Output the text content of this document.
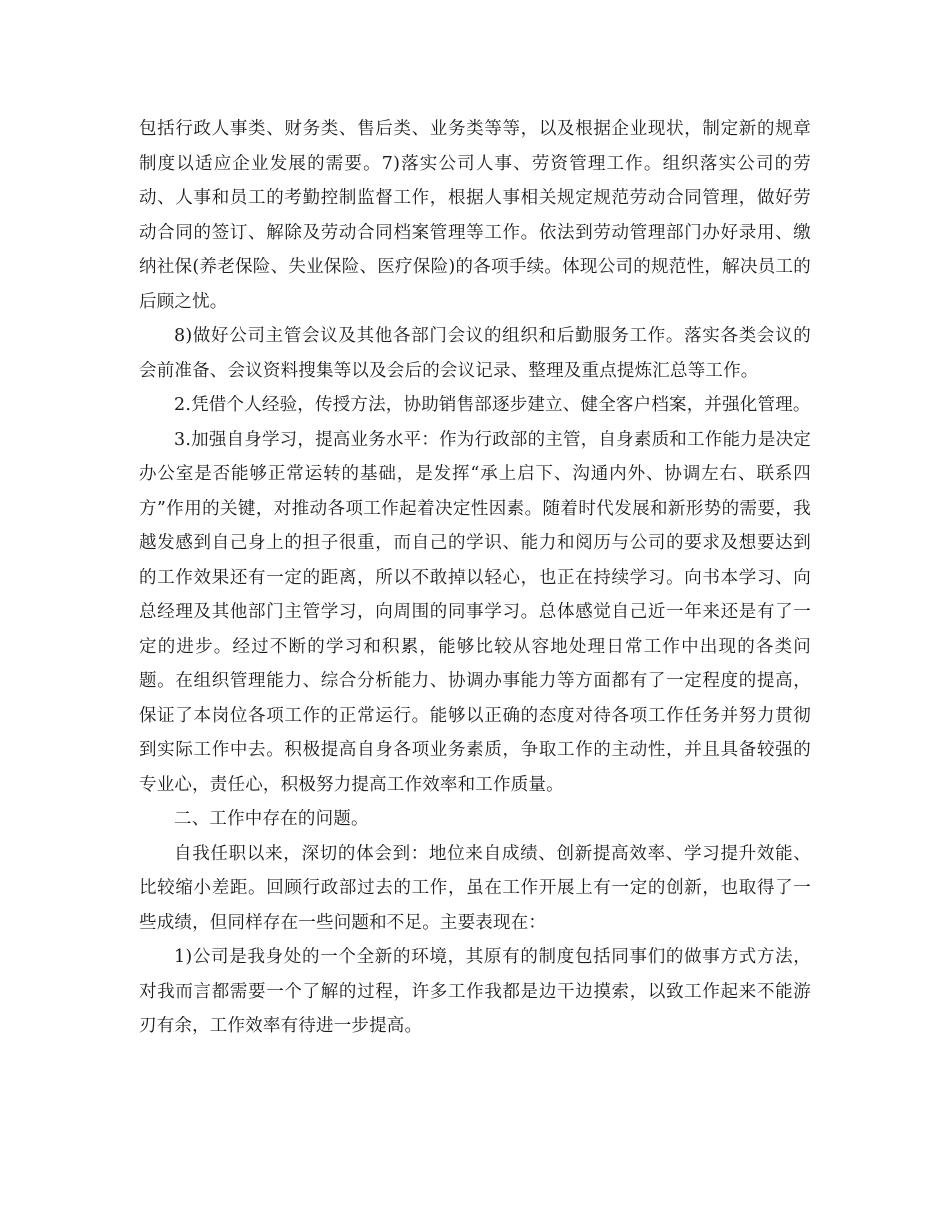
包括行政人事类、财务类、售后类、业务类等等，以及根据企业现状，制定新的规章制度以适应企业发展的需要。7)落实公司人事、劳资管理工作。组织落实公司的劳动、人事和员工的考勤控制监督工作，根据人事相关规定规范劳动合同管理，做好劳动合同的签订、解除及劳动合同档案管理等工作。依法到劳动管理部门办好录用、缴纳社保(养老保险、失业保险、医疗保险)的各项手续。体现公司的规范性，解决员工的后顾之忧。

8)做好公司主管会议及其他各部门会议的组织和后勤服务工作。落实各类会议的会前准备、会议资料搜集等以及会后的会议记录、整理及重点提炼汇总等工作。

2.凭借个人经验，传授方法，协助销售部逐步建立、健全客户档案，并强化管理。

3.加强自身学习，提高业务水平：作为行政部的主管，自身素质和工作能力是决定办公室是否能够正常运转的基础，是发挥“承上启下、沟通内外、协调左右、联系四方”作用的关键，对推动各项工作起着决定性因素。随着时代发展和新形势的需要，我越发感到自己身上的担子很重，而自己的学识、能力和阅历与公司的要求及想要达到的工作效果还有一定的距离，所以不敢掉以轻心，也正在持续学习。向书本学习、向总经理及其他部门主管学习，向周围的同事学习。总体感觉自己近一年来还是有了一定的进步。经过不断的学习和积累，能够比较从容地处理日常工作中出现的各类问题。在组织管理能力、综合分析能力、协调办事能力等方面都有了一定程度的提高，保证了本岗位各项工作的正常运行。能够以正确的态度对待各项工作任务并努力贯彻到实际工作中去。积极提高自身各项业务素质，争取工作的主动性，并且具备较强的专业心，责任心，积极努力提高工作效率和工作质量。

二、工作中存在的问题。

自我任职以来，深切的体会到：地位来自成绩、创新提高效率、学习提升效能、比较缩小差距。回顾行政部过去的工作，虽在工作开展上有一定的创新，也取得了一些成绩，但同样存在一些问题和不足。主要表现在：

1)公司是我身处的一个全新的环境，其原有的制度包括同事们的做事方式方法，对我而言都需要一个了解的过程，许多工作我都是边干边摸索，以致工作起来不能游刃有余，工作效率有待进一步提高。
